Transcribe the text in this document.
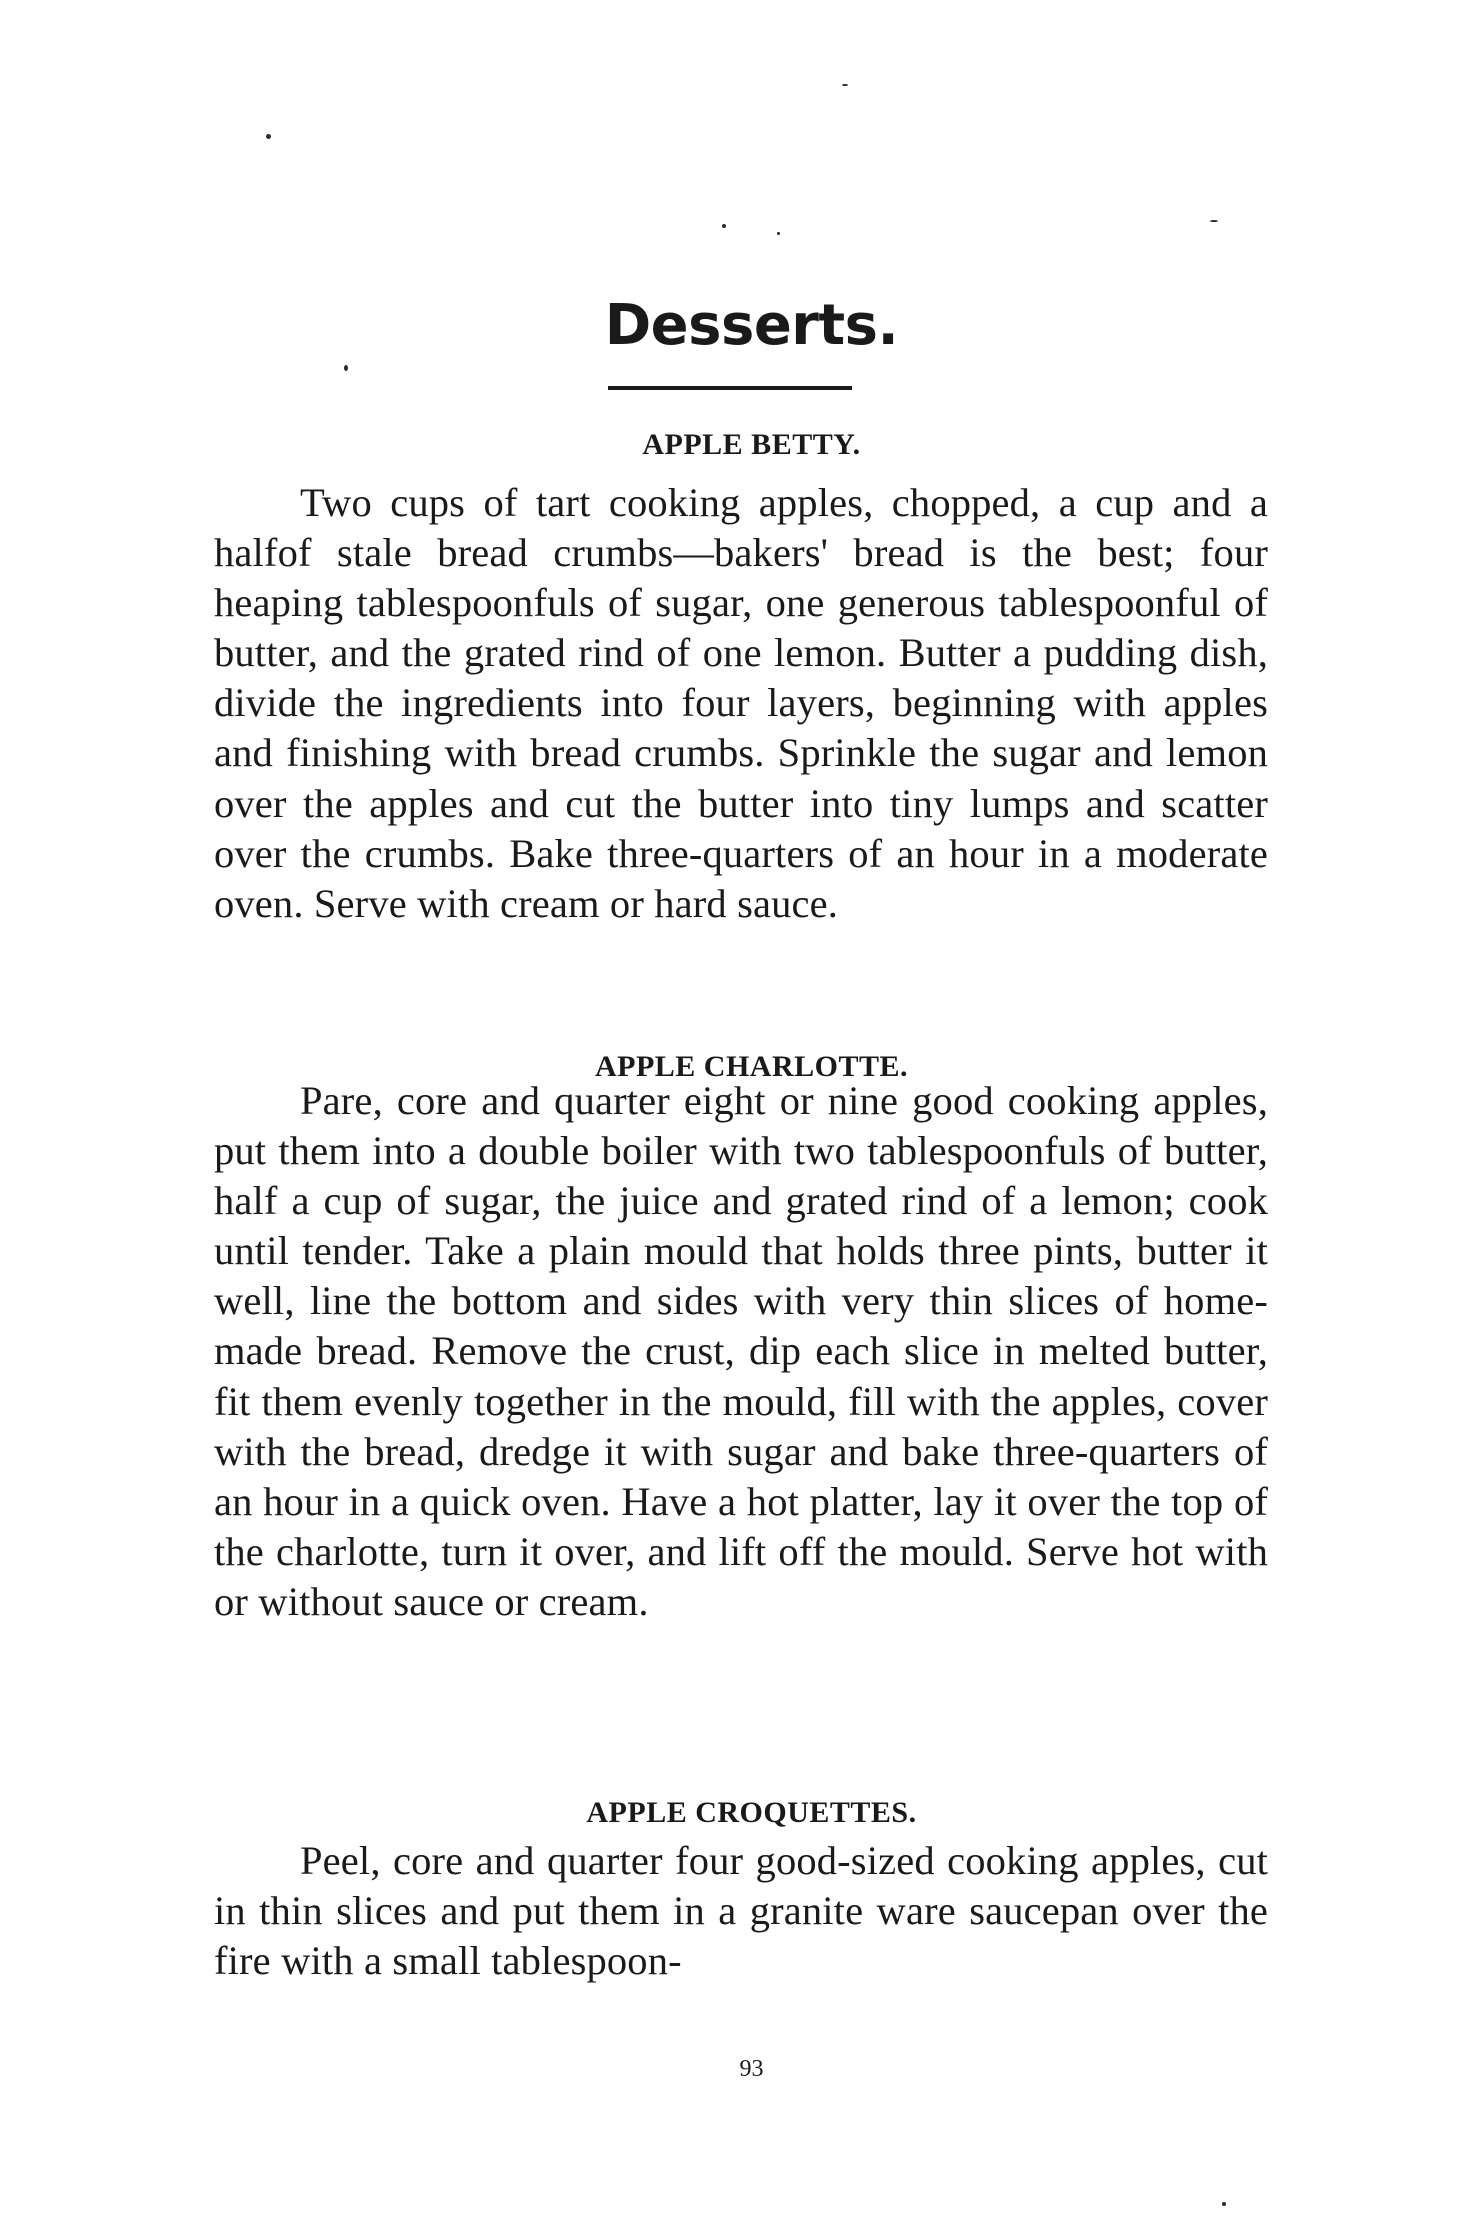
Desserts.
APPLE BETTY.

Two cups of tart cooking apples, chopped, a cup and a halfof stale bread crumbs—bakers' bread is the best; four heaping tablespoonfuls of sugar, one generous tablespoonful of butter, and the grated rind of one lemon. Butter a pudding dish, divide the ingredients into four layers, beginning with apples and finishing with bread crumbs. Sprinkle the sugar and lemon over the apples and cut the butter into tiny lumps and scatter over the crumbs. Bake three-quarters of an hour in a moderate oven. Serve with cream or hard sauce.

APPLE CHARLOTTE.

Pare, core and quarter eight or nine good cooking apples, put them into a double boiler with two tablespoonfuls of butter, half a cup of sugar, the juice and grated rind of a lemon; cook until tender. Take a plain mould that holds three pints, butter it well, line the bottom and sides with very thin slices of home-made bread. Remove the crust, dip each slice in melted butter, fit them evenly together in the mould, fill with the apples, cover with the bread, dredge it with sugar and bake three-quarters of an hour in a quick oven. Have a hot platter, lay it over the top of the charlotte, turn it over, and lift off the mould. Serve hot with or without sauce or cream.

APPLE CROQUETTES.

Peel, core and quarter four good-sized cooking apples, cut in thin slices and put them in a granite ware saucepan over the fire with a small tablespoon-

93
